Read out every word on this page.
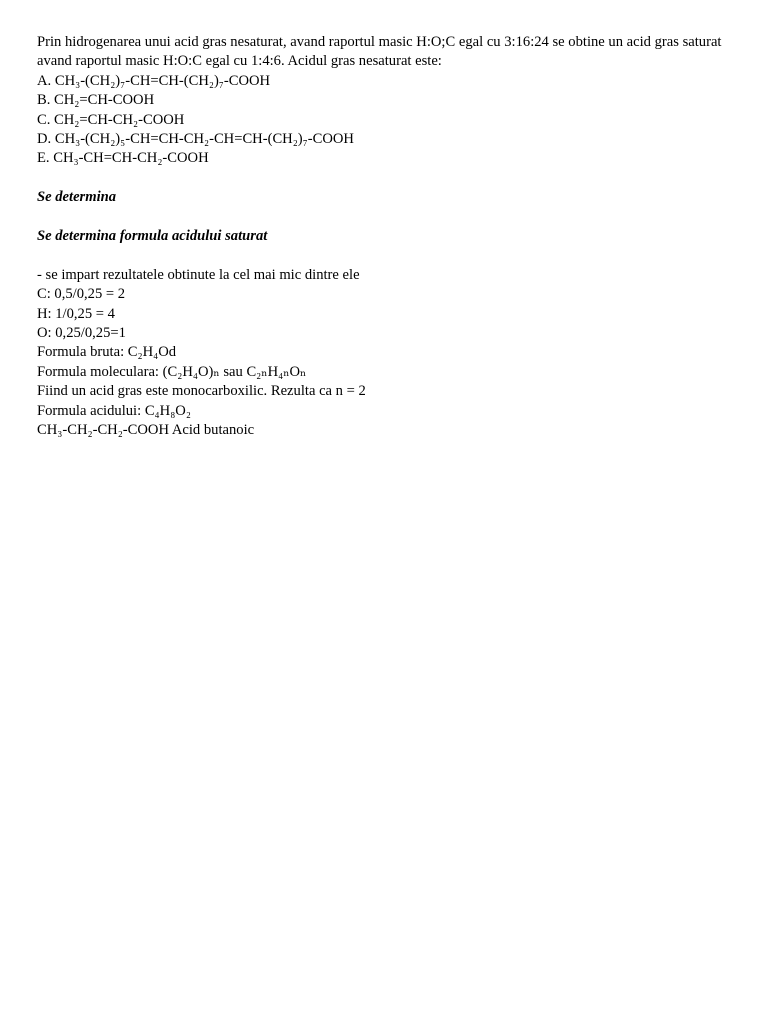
Prin hidrogenarea unui acid gras nesaturat, avand raportul masic H:O;C egal cu 3:16:24 se obtine un acid gras saturat avand raportul masic H:O:C egal cu 1:4:6. Acidul gras nesaturat este:
A. CH₃-(CH₂)₇-CH=CH-(CH₂)₇-COOH
B. CH₂=CH-COOH
C. CH₂=CH-CH₂-COOH
D. CH₃-(CH₂)₅-CH=CH-CH₂-CH=CH-(CH₂)₇-COOH
E. CH₃-CH=CH-CH₂-COOH
Se determina
Se determina formula acidului saturat
- se impart rezultatele obtinute la cel mai mic dintre ele
C: 0,5/0,25 = 2
H: 1/0,25 = 4
O: 0,25/0,25=1
Formula bruta: C₂H₄Od
Formula moleculara: (C₂H₄O)ₙ sau C₂ₙH₄ₙOₙ
Fiind un acid gras este monocarboxilic. Rezulta ca n = 2
Formula acidului: C₄H₈O₂
CH₃-CH₂-CH₂-COOH Acid butanoic
